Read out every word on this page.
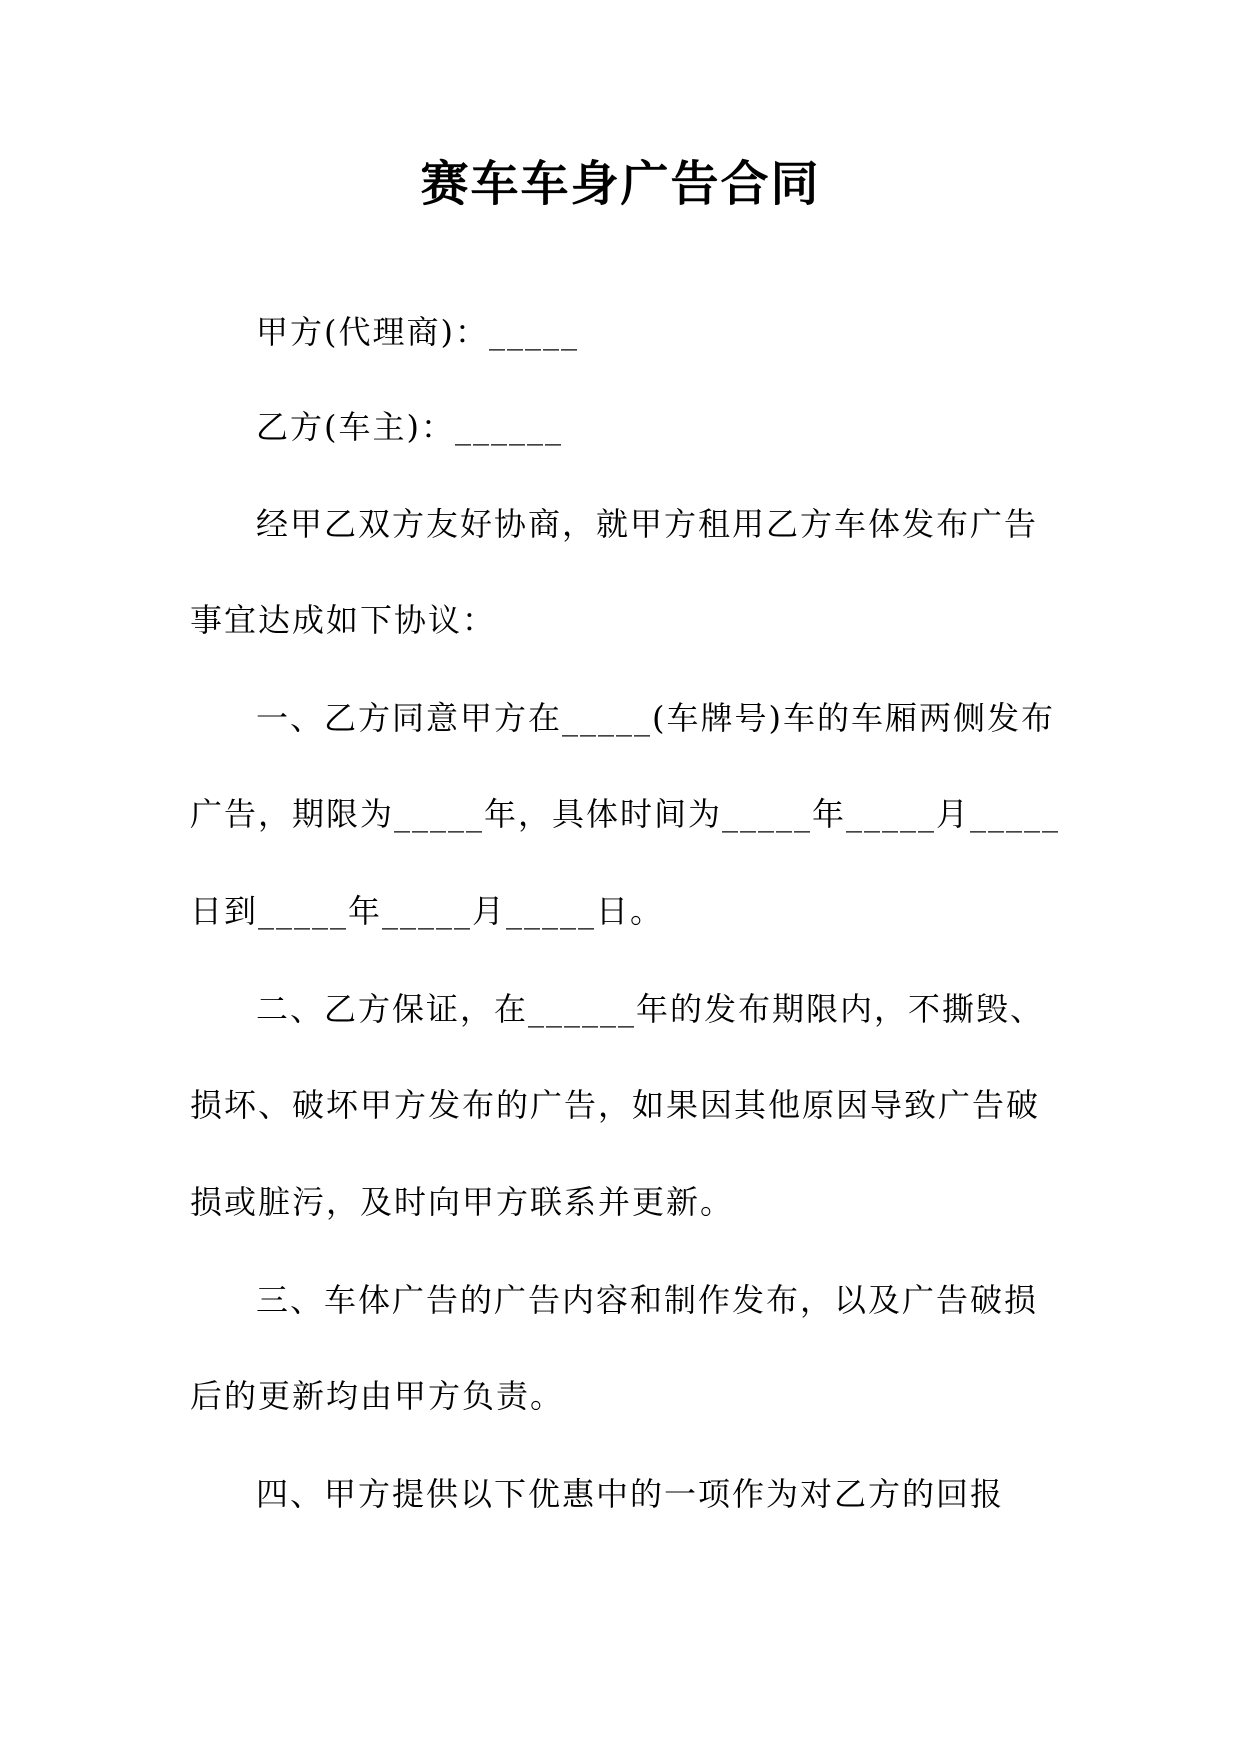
赛车车身广告合同
甲方(代理商)：_____
乙方(车主)：______
经甲乙双方友好协商，就甲方租用乙方车体发布广告
事宜达成如下协议：
一、乙方同意甲方在_____(车牌号)车的车厢两侧发布
广告，期限为_____年，具体时间为_____年_____月_____
日到_____年_____月_____日。
二、乙方保证，在______年的发布期限内，不撕毁、
损坏、破坏甲方发布的广告，如果因其他原因导致广告破
损或脏污，及时向甲方联系并更新。
三、车体广告的广告内容和制作发布，以及广告破损
后的更新均由甲方负责。
四、甲方提供以下优惠中的一项作为对乙方的回报
